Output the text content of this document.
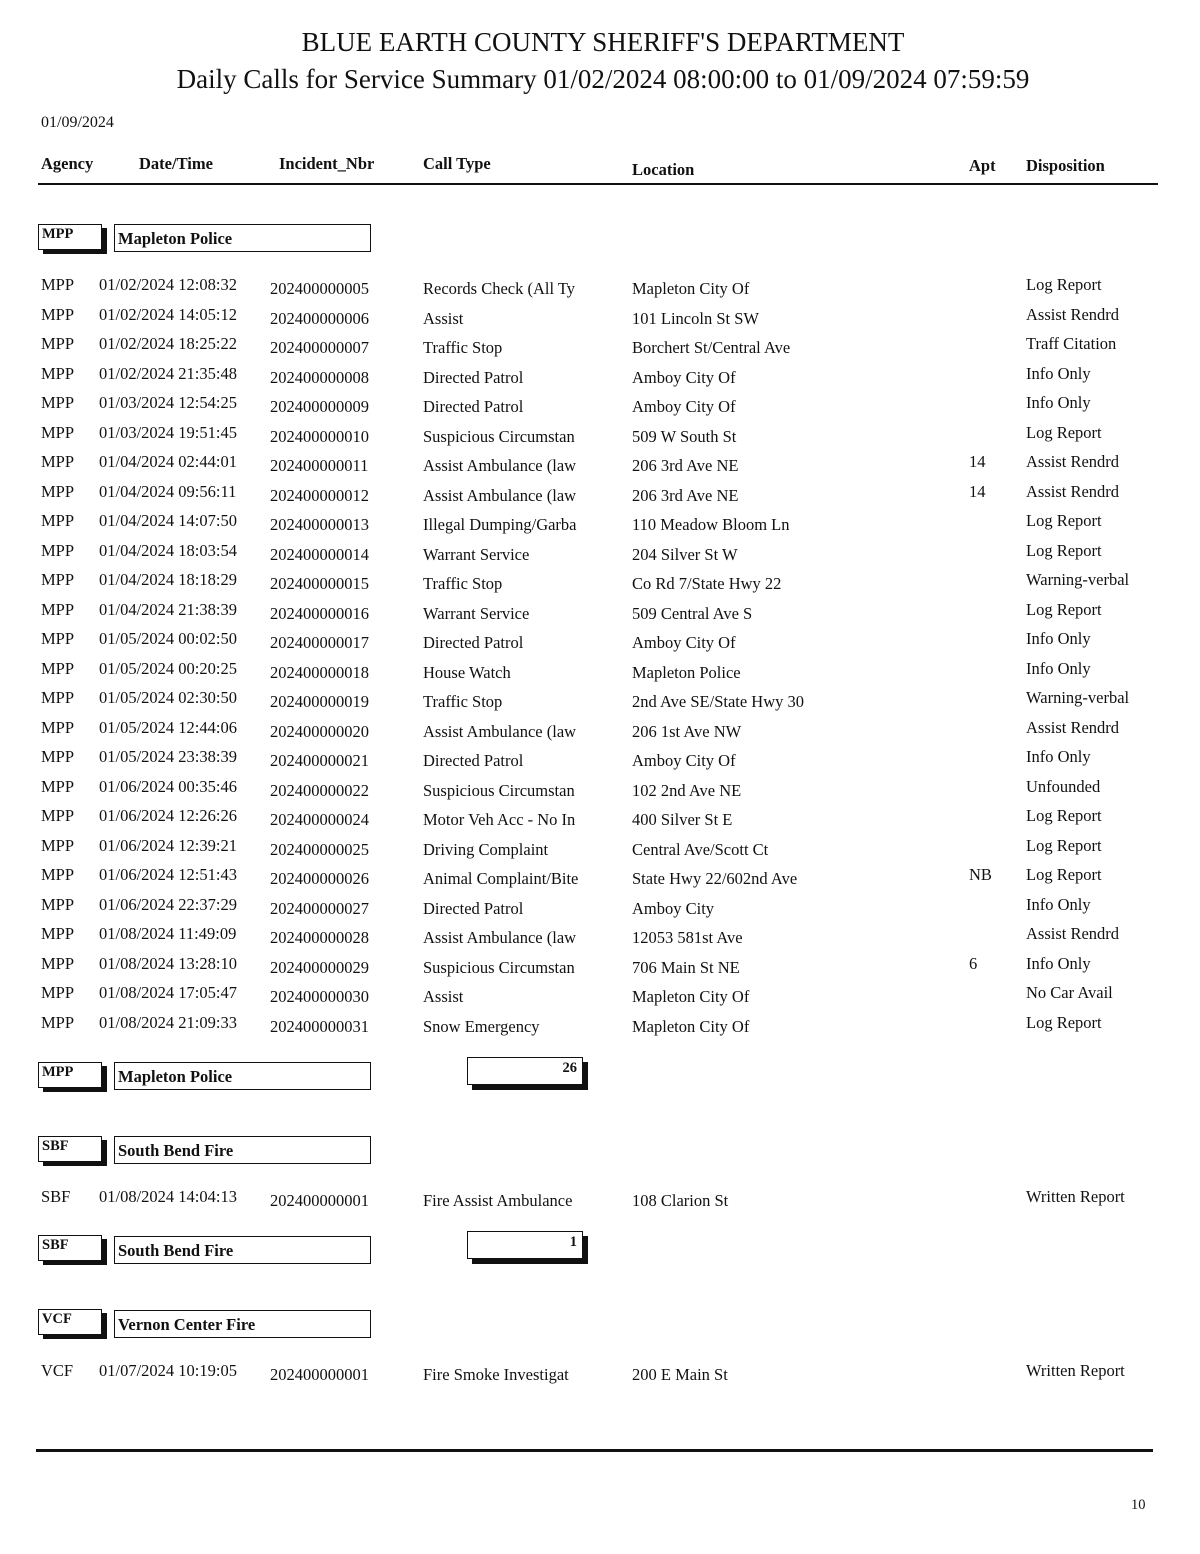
BLUE EARTH COUNTY SHERIFF'S DEPARTMENT
Daily Calls for Service Summary 01/02/2024 08:00:00 to 01/09/2024 07:59:59
01/09/2024
Agency	Date/Time	Incident_Nbr	Call Type	Location	Apt Disposition
MPP	Mapleton Police
MPP 01/02/2024 12:08:32 202400000005	Records Check (All Ty	Mapleton City Of	Log Report
MPP 01/02/2024 14:05:12 202400000006	Assist	101 Lincoln St SW	Assist Rendrd
MPP 01/02/2024 18:25:22 202400000007	Traffic Stop	Borchert St/Central Ave	Traff Citation
MPP 01/02/2024 21:35:48 202400000008	Directed Patrol	Amboy City Of	Info Only
MPP 01/03/2024 12:54:25 202400000009	Directed Patrol	Amboy City Of	Info Only
MPP 01/03/2024 19:51:45 202400000010	Suspicious Circumstan	509 W South St	Log Report
MPP 01/04/2024 02:44:01 202400000011	Assist Ambulance (law	206 3rd Ave NE	14 Assist Rendrd
MPP 01/04/2024 09:56:11 202400000012	Assist Ambulance (law	206 3rd Ave NE	14 Assist Rendrd
MPP 01/04/2024 14:07:50 202400000013	Illegal Dumping/Garba	110 Meadow Bloom Ln	Log Report
MPP 01/04/2024 18:03:54 202400000014	Warrant Service	204 Silver St W	Log Report
MPP 01/04/2024 18:18:29 202400000015	Traffic Stop	Co Rd 7/State Hwy 22	Warning-verbal
MPP 01/04/2024 21:38:39 202400000016	Warrant Service	509 Central Ave S	Log Report
MPP 01/05/2024 00:02:50 202400000017	Directed Patrol	Amboy City Of	Info Only
MPP 01/05/2024 00:20:25 202400000018	House Watch	Mapleton Police	Info Only
MPP 01/05/2024 02:30:50 202400000019	Traffic Stop	2nd Ave SE/State Hwy 30	Warning-verbal
MPP 01/05/2024 12:44:06 202400000020	Assist Ambulance (law	206 1st Ave NW	Assist Rendrd
MPP 01/05/2024 23:38:39 202400000021	Directed Patrol	Amboy City Of	Info Only
MPP 01/06/2024 00:35:46 202400000022	Suspicious Circumstan	102 2nd Ave NE	Unfounded
MPP 01/06/2024 12:26:26 202400000024	Motor Veh Acc - No In	400 Silver St E	Log Report
MPP 01/06/2024 12:39:21 202400000025	Driving Complaint	Central Ave/Scott Ct	Log Report
MPP 01/06/2024 12:51:43 202400000026	Animal Complaint/Bite	State Hwy 22/602nd Ave	NB Log Report
MPP 01/06/2024 22:37:29 202400000027	Directed Patrol	Amboy City	Info Only
MPP 01/08/2024 11:49:09 202400000028	Assist Ambulance (law	12053 581st Ave	Assist Rendrd
MPP 01/08/2024 13:28:10 202400000029	Suspicious Circumstan	706 Main St NE	6	Info Only
MPP 01/08/2024 17:05:47 202400000030	Assist	Mapleton City Of	No Car Avail
MPP 01/08/2024 21:09:33 202400000031	Snow Emergency	Mapleton City Of	Log Report
MPP	Mapleton Police	26
SBF	South Bend Fire
SBF 01/08/2024 14:04:13 202400000001	Fire Assist Ambulance	108 Clarion St	Written Report
SBF	South Bend Fire	1
VCF	Vernon Center Fire
VCF 01/07/2024 10:19:05 202400000001	Fire Smoke Investigat	200 E Main St	Written Report
10
